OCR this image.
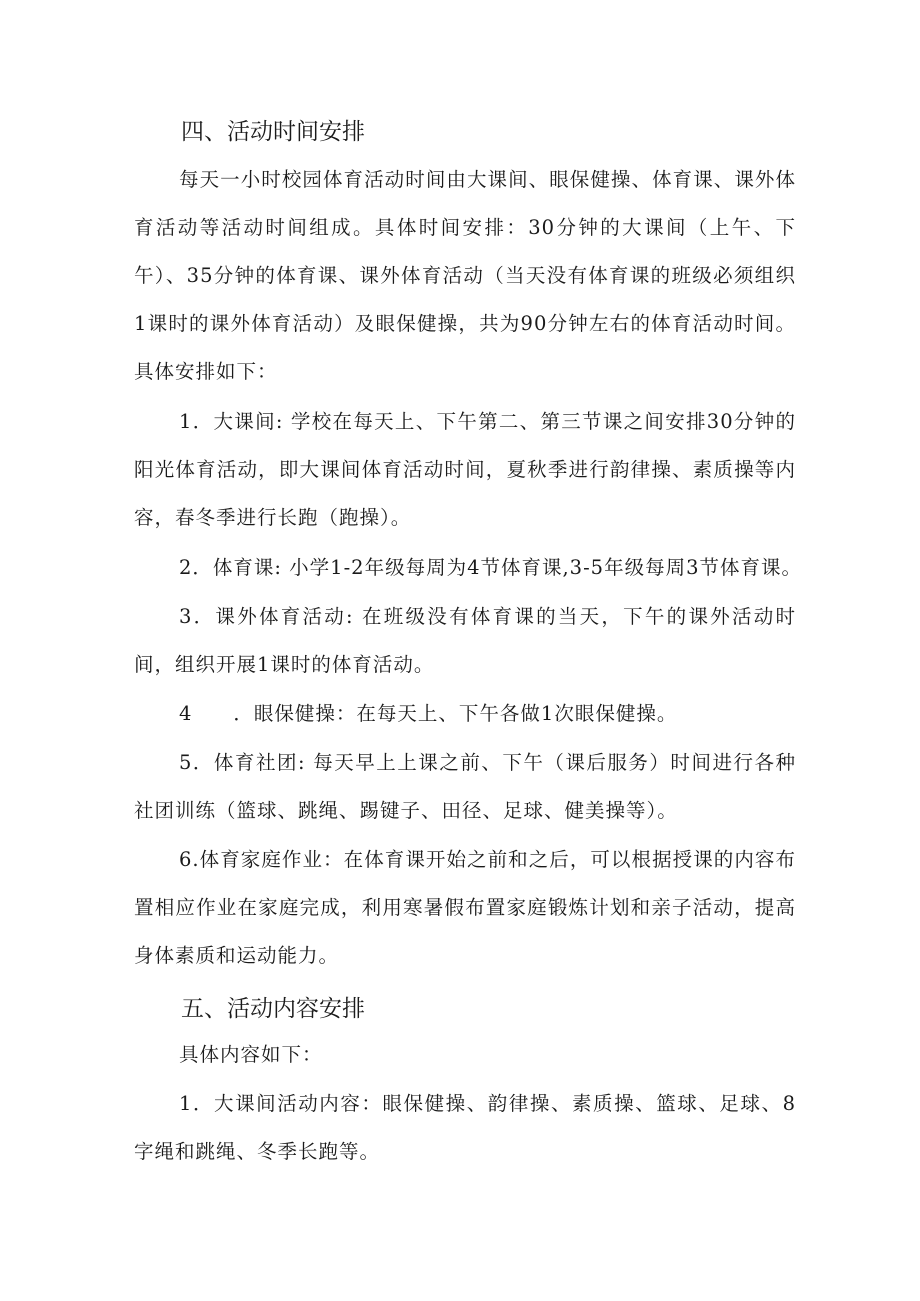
四、活动时间安排

每天一小时校园体育活动时间由大课间、眼保健操、体育课、课外体育活动等活动时间组成。具体时间安排：30分钟的大课间（上午、下午）、35分钟的体育课、课外体育活动（当天没有体育课的班级必须组织1课时的课外体育活动）及眼保健操，共为90分钟左右的体育活动时间。具体安排如下：

1．大课间: 学校在每天上、下午第二、第三节课之间安排30分钟的阳光体育活动，即大课间体育活动时间，夏秋季进行韵律操、素质操等内容，春冬季进行长跑（跑操）。

2．体育课: 小学1-2年级每周为4节体育课,3-5年级每周3节体育课。

3．课外体育活动: 在班级没有体育课的当天，下午的课外活动时间，组织开展1课时的体育活动。

4　　．眼保健操：在每天上、下午各做1次眼保健操。

5．体育社团: 每天早上上课之前、下午（课后服务）时间进行各种社团训练（篮球、跳绳、踢键子、田径、足球、健美操等）。

6.体育家庭作业：在体育课开始之前和之后，可以根据授课的内容布置相应作业在家庭完成，利用寒暑假布置家庭锻炼计划和亲子活动，提高身体素质和运动能力。

五、活动内容安排

具体内容如下：

1．大课间活动内容：眼保健操、韵律操、素质操、篮球、足球、8字绳和跳绳、冬季长跑等。
